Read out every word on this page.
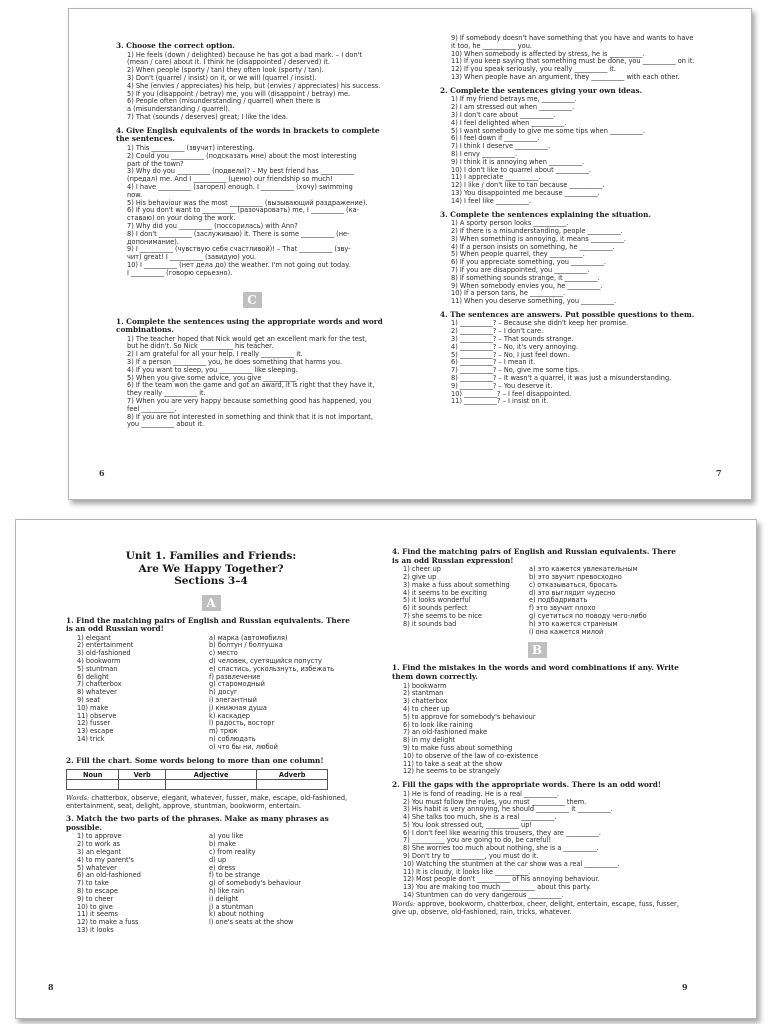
3. Choose the correct option.
1) He feels (down / delighted) because he has got a bad mark. – I don't
(mean / care) about it. I think he (disappointed / deserved) it.
2) When people (sporty / tan) they often look (sporty / tan).
3) Don't (quarrel / insist) on it, or we will (quarrel / insist).
4) She (envies / appreciates) his help, but (envies / appreciates) his success.
5) If you (disappoint / betray) me, you will (disappoint / betray) me.
6) People often (misunderstanding / quarrel) when there is
a (misunderstanding / quarrel).
7) That (sounds / deserves) great; I like the idea.
4. Give English equivalents of the words in brackets to complete the sentences.
1) This __________ (звучит) interesting.
2) Could you __________ (подсказать мне) about the most interesting
part of the town?
3) Why do you __________ (подвели)? – My best friend has __________
(предал) me. And I __________ (ценю) our friendship so much!
4) I have __________ (загорел) enough. I __________ (хочу) swimming
now.
5) His behaviour was the most __________ (вызывающий раздражение).
6) If you don't want to __________ (разочаровать) me, I __________ (ка-
ставаю) on your doing the work.
7) Why did you __________ (поссорилась) with Ann?
8) I don't __________ (заслуживаю) it. There is some __________ (не-
допонимание).
9) I __________ (чувствую себя счастливой)! – That __________ (зву-
чит) great! I __________ (завидую) you.
10) I __________ (нет дела до) the weather. I'm not going out today.
I __________ (говорю серьезно).
C
1. Complete the sentences using the appropriate words and word combinations.
1) The teacher hoped that Nick would get an excellent mark for the test,
but he didn't. So Nick __________ his teacher.
2) I am grateful for all your help. I really __________ it.
3) If a person __________ you, he does something that harms you.
4) If you want to sleep, you __________ like sleeping.
5) When you give some advice, you give __________.
6) If the team won the game and got an award, it is right that they have it,
they really __________ it.
7) When you are very happy because something good has happened, you
feel __________.
8) If you are not interested in something and think that it is not important,
you __________ about it.
6
9) If somebody doesn't have something that you have and wants to have
it too, he __________ you.
10) When somebody is affected by stress, he is __________.
11) If you keep saying that something must be done, you __________ on it.
12) If you speak seriously, you really __________ it.
13) When people have an argument, they __________ with each other.
2. Complete the sentences giving your own ideas.
1) If my friend betrays me, __________.
2) I am stressed out when __________.
3) I don't care about __________.
4) I feel delighted when __________.
5) I want somebody to give me some tips when __________.
6) I feel down if __________.
7) I think I deserve __________.
8) I envy __________.
9) I think it is annoying when __________.
10) I don't like to quarrel about __________.
11) I appreciate __________.
12) I like / don't like to tan because __________.
13) You disappointed me because __________.
14) I feel like __________.
3. Complete the sentences explaining the situation.
1) A sporty person looks __________.
2) If there is a misunderstanding, people __________.
3) When something is annoying, it means __________.
4) If a person insists on something, he __________.
5) When people quarrel, they __________.
6) If you appreciate something, you __________.
7) If you are disappointed, you __________.
8) If something sounds strange, it __________.
9) When somebody envies you, he __________.
10) If a person tans, he __________.
11) When you deserve something, you __________.
4. The sentences are answers. Put possible questions to them.
1) __________? – Because she didn't keep her promise.
2) __________? – I don't care.
3) __________? – That sounds strange.
4) __________? – No, it's very annoying.
5) __________? – No, I just feel down.
6) __________? – I mean it.
7) __________? – No, give me some tips.
8) __________? – It wasn't a quarrel, it was just a misunderstanding.
9) __________? – You deserve it.
10) __________? – I feel disappointed.
11) __________? – I insist on it.
7
Unit 1. Families and Friends:
Are We Happy Together?
Sections 3–4
A
1. Find the matching pairs of English and Russian equivalents. There is an odd Russian word!
1) elegant
2) entertainment
3) old-fashioned
4) bookworm
5) stuntman
6) delight
7) chatterbox
8) whatever
9) seat
10) make
11) observe
12) fusser
13) escape
14) trick
a) марка (автомобиля)
b) болтун / болтушка
c) место
d) человек, суетящийся попусту
e) спастись, ускользнуть, избежать
f) развлечение
g) старомодный
h) досуг
i) элегантный
j) книжная душа
k) каскадер
l) радость, восторг
m) трюк
n) соблюдать
o) что бы ни, любой
2. Fill the chart. Some words belong to more than one column!
Noun	Verb	Adjective	Adverb

Words: chatterbox, observe, elegant, whatever, fusser, make, escape, old-fashioned, entertainment, seat, delight, approve, stuntman, bookworm, entertain.
3. Match the two parts of the phrases. Make as many phrases as possible.
1) to approve
2) to work as
3) an elegant
4) to my parent's
5) whatever
6) an old-fashioned
7) to take
8) to escape
9) to cheer
10) to give
11) it seems
12) to make a fuss
13) it looks
a) you like
b) make
c) from reality
d) up
e) dress
f) to be strange
g) of somebody's behaviour
h) like rain
i) delight
j) a stuntman
k) about nothing
l) one's seats at the show
8
4. Find the matching pairs of English and Russian equivalents. There is an odd Russian expression!
1) cheer up
2) give up
3) make a fuss about something
4) it seems to be exciting
5) it looks wonderful
6) it sounds perfect
7) she seems to be nice
8) it sounds bad
a) это кажется увлекательным
b) это звучит превосходно
c) отказываться, бросать
d) это выглядит чудесно
e) подбадривать
f) это звучит плохо
g) суетиться по поводу чего-либо
h) это кажется странным
i) она кажется милой
B
1. Find the mistakes in the words and word combinations if any. Write them down correctly.
1) bookwarm
2) stantman
3) chatterbox
4) to cheer up
5) to approve for somebody's behaviour
6) to look like raining
7) an old-fashioned make
8) in my delight
9) to make fuss about something
10) to observe of the law of co-existence
11) to take a seat at the show
12) he seems to be strangely
2. Fill the gaps with the appropriate words. There is an odd word!
1) He is fond of reading. He is a real __________.
2) You must follow the rules, you must __________ them.
3) His habit is very annoying, he should __________ it __________.
4) She talks too much, she is a real __________.
5) You look stressed out, __________ up!
6) I don't feel like wearing this trousers, they are __________.
7) __________ you are going to do, be careful!
8) She worries too much about nothing, she is a __________.
9) Don't try to __________, you must do it.
10) Watching the stuntmen at the car show was a real __________.
11) It is cloudy, it looks like __________.
12) Most people don't __________ of his annoying behaviour.
13) You are making too much __________ about this party.
14) Stuntmen can do very dangerous __________.
Words: approve, bookworm, chatterbox, cheer, delight, entertain, escape, fuss, fusser, give up, observe, old-fashioned, rain, tricks, whatever.
9
